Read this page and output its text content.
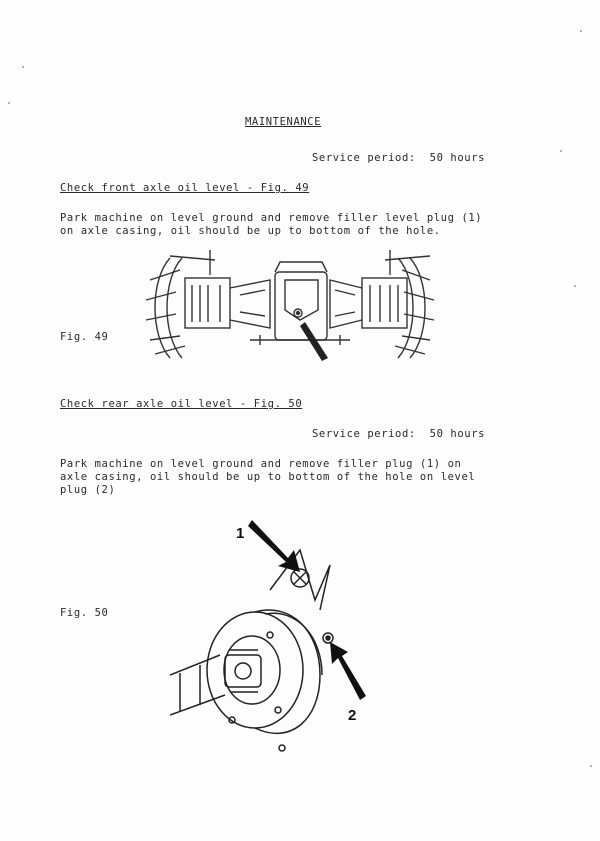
MAINTENANCE
Service period:  50 hours
Check front axle oil level - Fig. 49
Park machine on level ground and remove filler level plug (1)
on axle casing, oil should be up to bottom of the hole.
Fig. 49
Check rear axle oil level - Fig. 50
Service period:  50 hours
Park machine on level ground and remove filler plug (1) on
axle casing, oil should be up to bottom of the hole on level
plug (2)
Fig. 50
1
2
